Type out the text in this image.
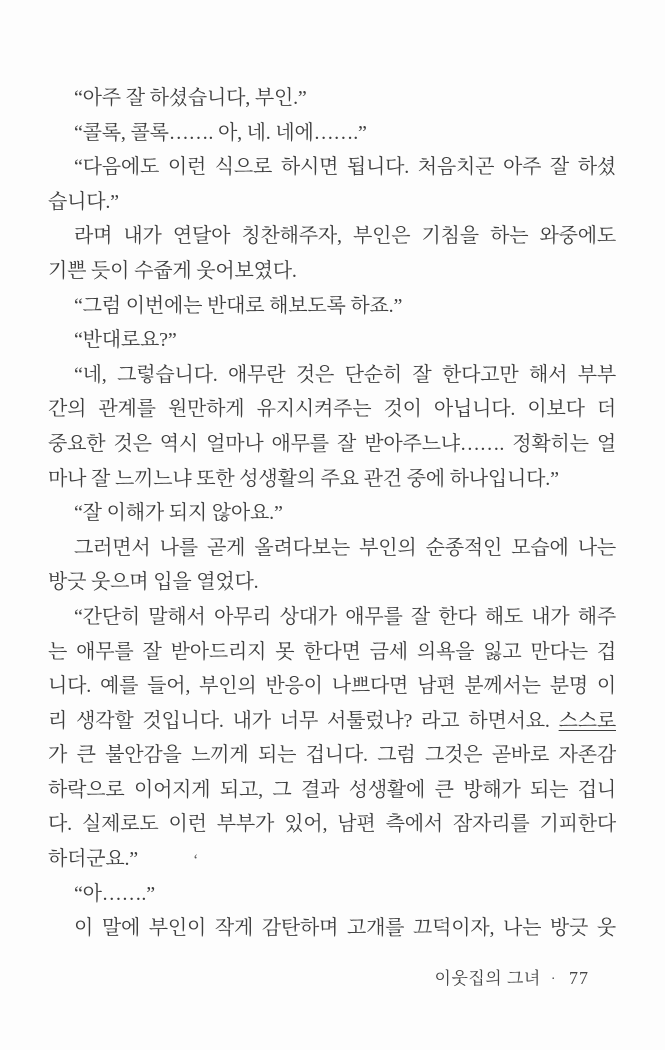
“아주 잘 하셨습니다, 부인.”
“콜록, 콜록……. 아, 네. 네에…….”
“다음에도 이런 식으로 하시면 됩니다. 처음치곤 아주 잘 하셨
습니다.”
라며 내가 연달아 칭찬해주자, 부인은 기침을 하는 와중에도
기쁜 듯이 수줍게 웃어보였다.
“그럼 이번에는 반대로 해보도록 하죠.”
“반대로요?”
“네, 그렇습니다. 애무란 것은 단순히 잘 한다고만 해서 부부
간의 관계를 원만하게 유지시켜주는 것이 아닙니다. 이보다 더
중요한 것은 역시 얼마나 애무를 잘 받아주느냐……. 정확히는 얼
마나 잘 느끼느냐 또한 성생활의 주요 관건 중에 하나입니다.”
“잘 이해가 되지 않아요.”
그러면서 나를 곧게 올려다보는 부인의 순종적인 모습에 나는
방긋 웃으며 입을 열었다.
“간단히 말해서 아무리 상대가 애무를 잘 한다 해도 내가 해주
는 애무를 잘 받아드리지 못 한다면 금세 의욕을 잃고 만다는 겁
니다. 예를 들어, 부인의 반응이 나쁘다면 남편 분께서는 분명 이
리 생각할 것입니다. 내가 너무 서툴렀나? 라고 하면서요. 스스로
가 큰 불안감을 느끼게 되는 겁니다. 그럼 그것은 곧바로 자존감
하락으로 이어지게 되고, 그 결과 성생활에 큰 방해가 되는 겁니
다. 실제로도 이런 부부가 있어, 남편 측에서 잠자리를 기피한다
하더군요.”	‘
“아…….”
이 말에 부인이 작게 감탄하며 고개를 끄덕이자, 나는 방긋 웃
이웃집의 그녀 · 77
